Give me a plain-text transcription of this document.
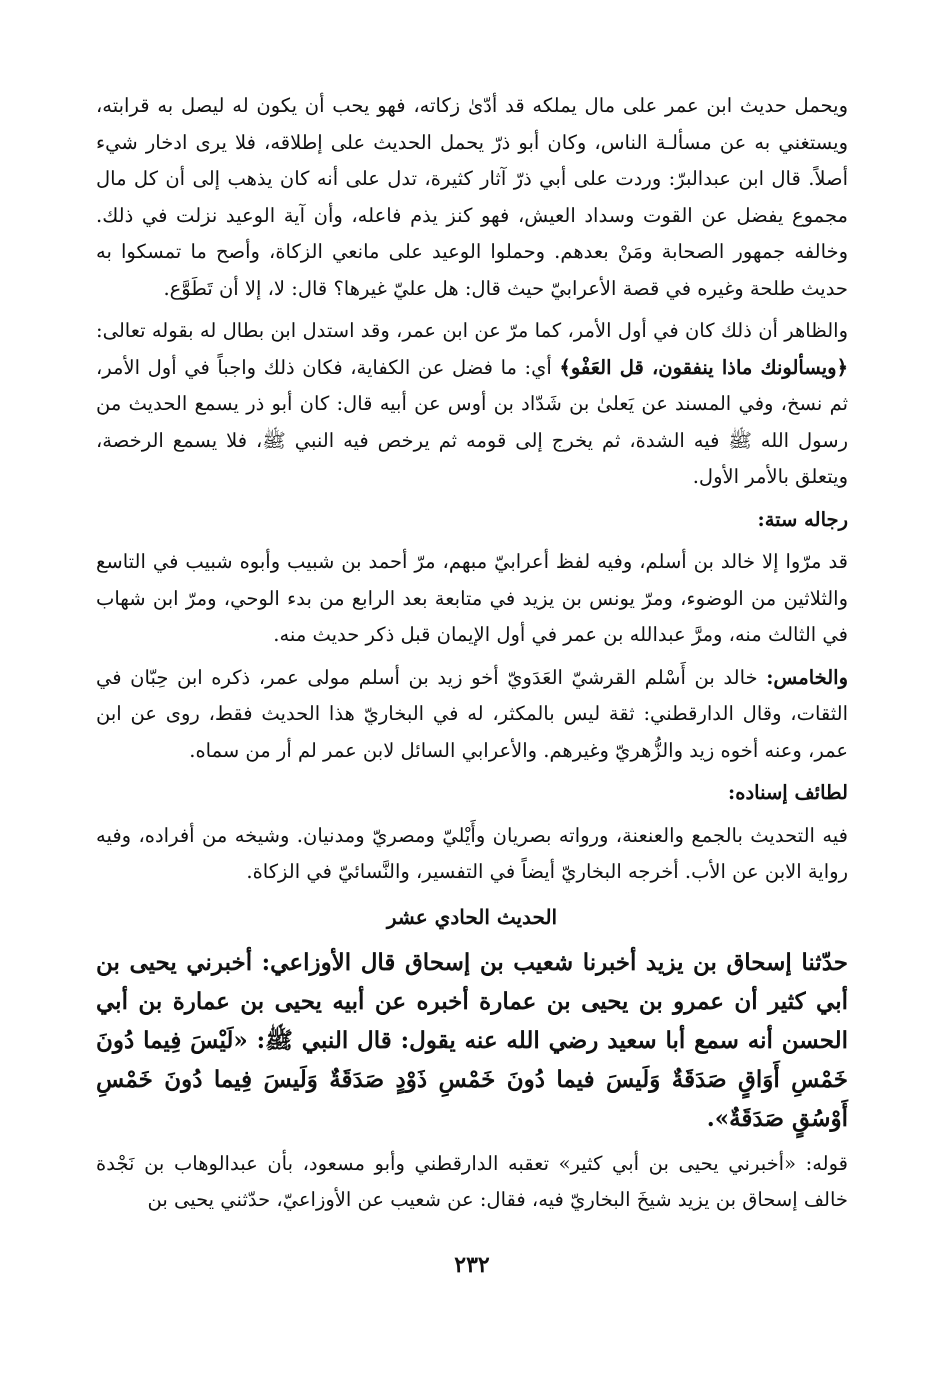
ويحمل حديث ابن عمر على مال يملكه قد أدّىٰ زكاته، فهو يحب أن يكون له ليصل به قرابته، ويستغني به عن مسألـة الناس، وكان أبو ذرّ يحمل الحديث على إطلاقه، فلا يرى ادخار شيء أصلاً. قال ابن عبدالبرّ: وردت على أبي ذرّ آثار كثيرة، تدل على أنه كان يذهب إلى أن كل مال مجموع يفضل عن القوت وسداد العيش، فهو كنز يذم فاعله، وأن آية الوعيد نزلت في ذلك. وخالفه جمهور الصحابة ومَنْ بعدهم. وحملوا الوعيد على مانعي الزكاة، وأصح ما تمسكوا به حديث طلحة وغيره في قصة الأعرابيّ حيث قال: هل عليّ غيرها؟ قال: لا، إلا أن تَطَوَّع.

والظاهر أن ذلك كان في أول الأمر، كما مرّ عن ابن عمر، وقد استدل ابن بطال له بقوله تعالى: ﴿ويسألونك ماذا ينفقون، قل العَفْو﴾ أي: ما فضل عن الكفاية، فكان ذلك واجباً في أول الأمر، ثم نسخ، وفي المسند عن يَعلىٰ بن شَدّاد بن أوس عن أبيه قال: كان أبو ذر يسمع الحديث من رسول الله ﷺ فيه الشدة، ثم يخرج إلى قومه ثم يرخص فيه النبي ﷺ، فلا يسمع الرخصة، ويتعلق بالأمر الأول.

رجاله ستة:

قد مرّوا إلا خالد بن أسلم، وفيه لفظ أعرابيّ مبهم، مرّ أحمد بن شبيب وأبوه شبيب في التاسع والثلاثين من الوضوء، ومرّ يونس بن يزيد في متابعة بعد الرابع من بدء الوحي، ومرّ ابن شهاب في الثالث منه، ومرَّ عبدالله بن عمر في أول الإيمان قبل ذكر حديث منه.

والخامس: خالد بن أَسْلم القرشيّ العَدَويّ أخو زيد بن أسلم مولى عمر، ذكره ابن حِبّان في الثقات، وقال الدارقطني: ثقة ليس بالمكثر، له في البخاريّ هذا الحديث فقط، روى عن ابن عمر، وعنه أخوه زيد والزُّهريّ وغيرهم. والأعرابي السائل لابن عمر لم أر من سماه.

لطائف إسناده:

فيه التحديث بالجمع والعنعنة، ورواته بصريان وأَيْليّ ومصريّ ومدنيان. وشيخه من أفراده، وفيه رواية الابن عن الأب. أخرجه البخاريّ أيضاً في التفسير، والنَّسائيّ في الزكاة.

الحديث الحادي عشر

حدّثنا إسحاق بن يزيد أخبرنا شعيب بن إسحاق قال الأوزاعي: أخبرني يحيى بن أبي كثير أن عمرو بن يحيى بن عمارة أخبره عن أبيه يحيى بن عمارة بن أبي الحسن أنه سمع أبا سعيد رضي الله عنه يقول: قال النبي ﷺ: «لَيْسَ فِيما دُونَ خَمْسِ أَوَاقٍ صَدَقَةٌ وَلَيسَ فيما دُونَ خَمْسِ ذَوْدٍ صَدَقَةٌ وَلَيسَ فِيما دُونَ خَمْسِ أَوْسُقٍ صَدَقَةٌ».

قوله: «أخبرني يحيى بن أبي كثير» تعقبه الدارقطني وأبو مسعود، بأن عبدالوهاب بن نَجْدة خالف إسحاق بن يزيد شيخَ البخاريّ فيه، فقال: عن شعيب عن الأوزاعيّ، حدّثني يحيى بن

٢٣٢
